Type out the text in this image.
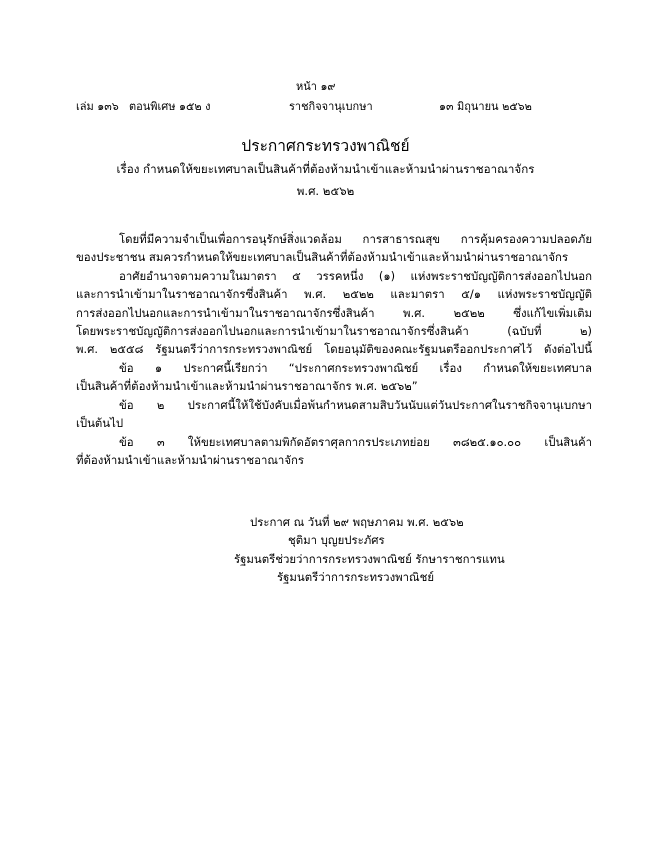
หน้า ๑๙
เล่ม ๑๓๖ ตอนพิเศษ ๑๕๒ ง	ราชกิจจานุเบกษา	๑๓ มิถุนายน ๒๕๖๒
ประกาศกระทรวงพาณิชย์
เรื่อง กำหนดให้ขยะเทศบาลเป็นสินค้าที่ต้องห้ามนำเข้าและห้ามนำผ่านราชอาณาจักร
พ.ศ. ๒๕๖๒
โดยที่มีความจำเป็นเพื่อการอนุรักษ์สิ่งแวดล้อม การสาธารณสุข การคุ้มครองความปลอดภัย
ของประชาชน สมควรกำหนดให้ขยะเทศบาลเป็นสินค้าที่ต้องห้ามนำเข้าและห้ามนำผ่านราชอาณาจักร
อาศัยอำนาจตามความในมาตรา ๕ วรรคหนึ่ง (๑) แห่งพระราชบัญญัติการส่งออกไปนอก
และการนำเข้ามาในราชอาณาจักรซึ่งสินค้า พ.ศ. ๒๕๒๒ และมาตรา ๕/๑ แห่งพระราชบัญญัติ
การส่งออกไปนอกและการนำเข้ามาในราชอาณาจักรซึ่งสินค้า พ.ศ. ๒๕๒๒ ซึ่งแก้ไขเพิ่มเติม
โดยพระราชบัญญัติการส่งออกไปนอกและการนำเข้ามาในราชอาณาจักรซึ่งสินค้า (ฉบับที่ ๒)
พ.ศ. ๒๕๕๘ รัฐมนตรีว่าการกระทรวงพาณิชย์ โดยอนุมัติของคณะรัฐมนตรีออกประกาศไว้ ดังต่อไปนี้
ข้อ ๑ ประกาศนี้เรียกว่า “ประกาศกระทรวงพาณิชย์ เรื่อง กำหนดให้ขยะเทศบาล
เป็นสินค้าที่ต้องห้ามนำเข้าและห้ามนำผ่านราชอาณาจักร พ.ศ. ๒๕๖๒”
ข้อ ๒ ประกาศนี้ให้ใช้บังคับเมื่อพ้นกำหนดสามสิบวันนับแต่วันประกาศในราชกิจจานุเบกษา
เป็นต้นไป
ข้อ ๓ ให้ขยะเทศบาลตามพิกัดอัตราศุลกากรประเภทย่อย ๓๘๒๕.๑๐.๐๐ เป็นสินค้า
ที่ต้องห้ามนำเข้าและห้ามนำผ่านราชอาณาจักร
ประกาศ ณ วันที่ ๒๙ พฤษภาคม พ.ศ. ๒๕๖๒
ชุติมา บุญยประภัศร
รัฐมนตรีช่วยว่าการกระทรวงพาณิชย์ รักษาราชการแทน
รัฐมนตรีว่าการกระทรวงพาณิชย์
